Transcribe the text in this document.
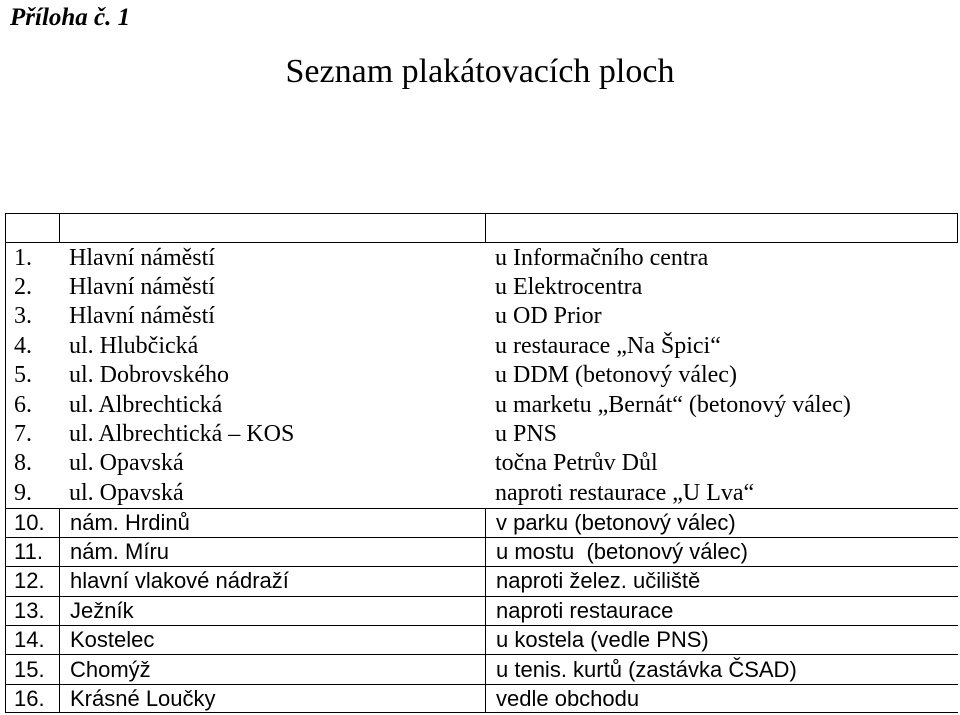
Příloha č. 1
Seznam plakátovacích ploch
1.	Hlavní náměstí	u Informačního centra
2.	Hlavní náměstí	u Elektrocentra
3.	Hlavní náměstí	u OD Prior
4.	ul. Hlubčická	u restaurace „Na Špici“
5.	ul. Dobrovského	u DDM (betonový válec)
6.	ul. Albrechtická	u marketu „Bernát“ (betonový válec)
7.	ul. Albrechtická – KOS	u PNS
8.	ul. Opavská	točna Petrův Důl
9.	ul. Opavská	naproti restaurace „U Lva“
10.	nám. Hrdinů	v parku (betonový válec)
11.	nám. Míru	u mostu  (betonový válec)
12.	hlavní vlakové nádraží	naproti želez. učiliště
13.	Ježník	naproti restaurace
14.	Kostelec	u kostela (vedle PNS)
15.	Chomýž	u tenis. kurtů (zastávka ČSAD)
16.	Krásné Loučky	vedle obchodu
